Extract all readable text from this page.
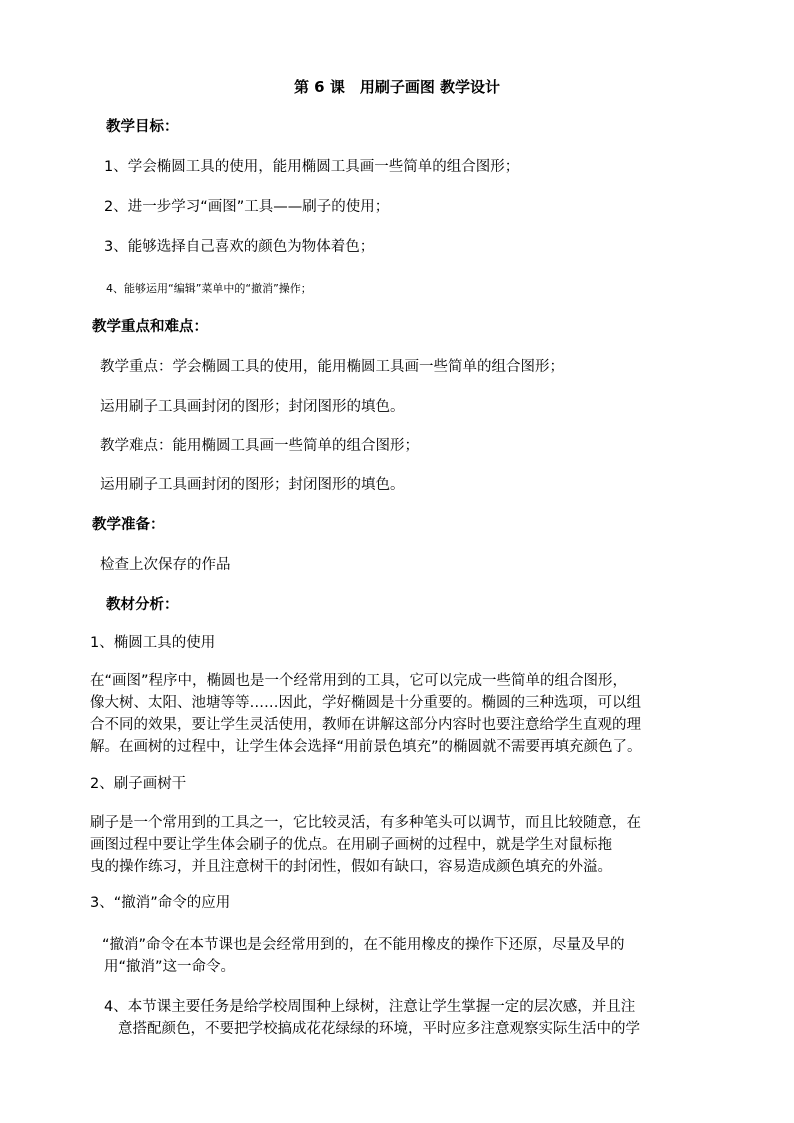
第 6 课　用刷子画图 教学设计
教学目标：
1、学会椭圆工具的使用，能用椭圆工具画一些简单的组合图形；
2、进一步学习“画图”工具——刷子的使用；
3、能够选择自己喜欢的颜色为物体着色；
4、能够运用“编辑”菜单中的“撤消”操作；
教学重点和难点：
教学重点：学会椭圆工具的使用，能用椭圆工具画一些简单的组合图形；
运用刷子工具画封闭的图形；封闭图形的填色。
教学难点：能用椭圆工具画一些简单的组合图形；
运用刷子工具画封闭的图形；封闭图形的填色。
教学准备：
检查上次保存的作品
教材分析：
1、椭圆工具的使用
在“画图”程序中，椭圆也是一个经常用到的工具，它可以完成一些简单的组合图形，
像大树、太阳、池塘等等……因此，学好椭圆是十分重要的。椭圆的三种选项，可以组
合不同的效果，要让学生灵活使用，教师在讲解这部分内容时也要注意给学生直观的理
解。在画树的过程中，让学生体会选择“用前景色填充”的椭圆就不需要再填充颜色了。
2、刷子画树干
刷子是一个常用到的工具之一，它比较灵活，有多种笔头可以调节，而且比较随意，在
画图过程中要让学生体会刷子的优点。在用刷子画树的过程中，就是学生对鼠标拖
曳的操作练习，并且注意树干的封闭性，假如有缺口，容易造成颜色填充的外溢。
3、“撤消”命令的应用
“撤消”命令在本节课也是会经常用到的，在不能用橡皮的操作下还原，尽量及早的
用“撤消”这一命令。
4、本节课主要任务是给学校周围种上绿树，注意让学生掌握一定的层次感，并且注
意搭配颜色，不要把学校搞成花花绿绿的环境，平时应多注意观察实际生活中的学
